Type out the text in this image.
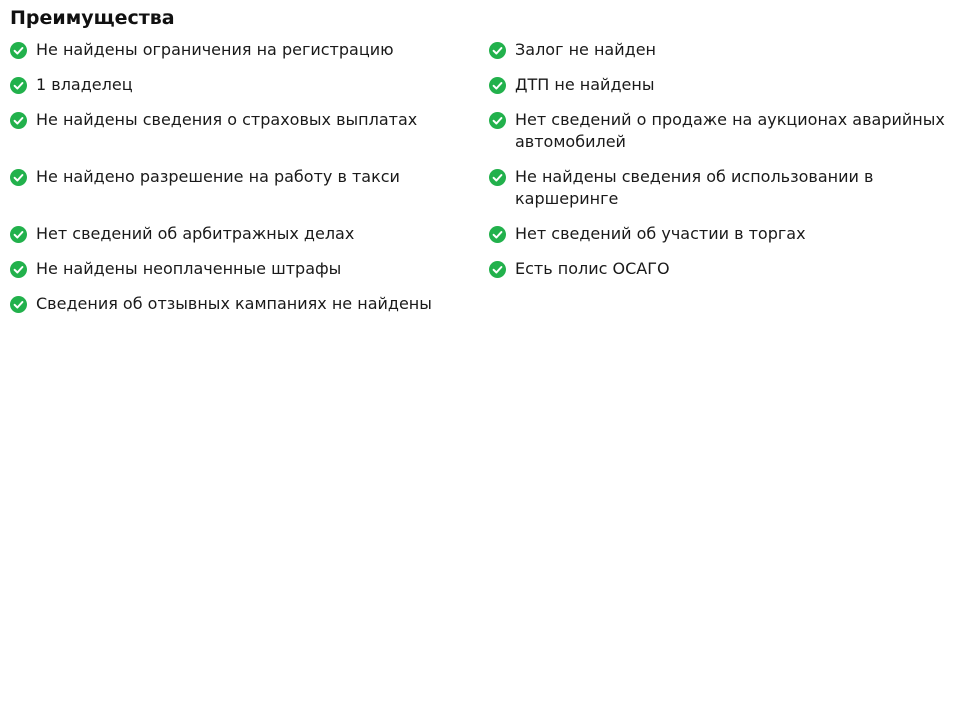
Преимущества
Не найдены ограничения на регистрацию
1 владелец
Не найдены сведения о страховых выплатах
Не найдено разрешение на работу в такси
Нет сведений об арбитражных делах
Не найдены неоплаченные штрафы
Сведения об отзывных кампаниях не найдены
Залог не найден
ДТП не найдены
Нет сведений о продаже на аукционах аварийных автомобилей
Не найдены сведения об использовании в каршеринге
Нет сведений об участии в торгах
Есть полис ОСАГО
